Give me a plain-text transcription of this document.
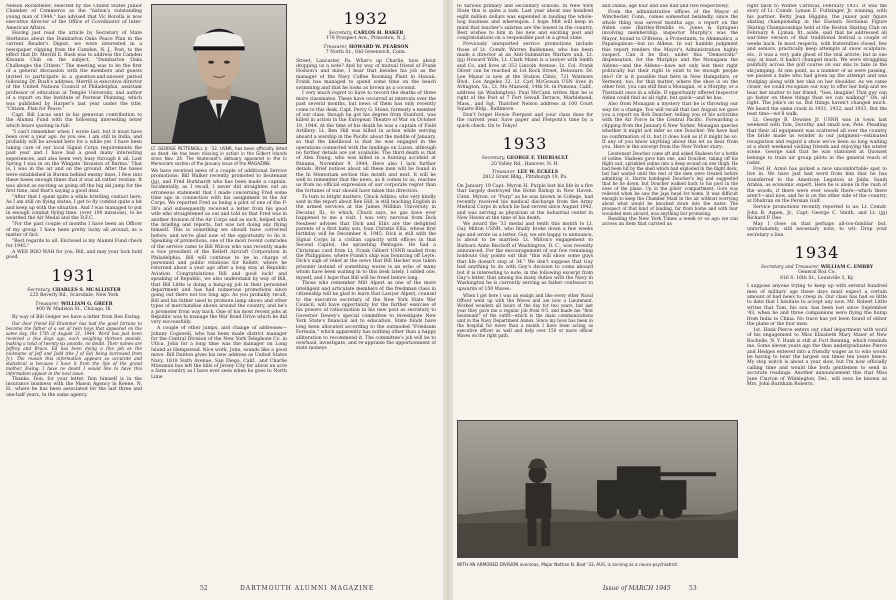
Nelson Rockefeller, selected by the United States Junior Chamber of Commerce as the "nation's outstanding young man of 1944," has advised that Vic Borella is now executive director of the Office of Coordinator of Inter-American Affairs.

Having just read the article by Secretary of State Stettinius about the Dumbarton Oaks Peace Plan in the current Reader's Digest, we were interested in a newspaper clipping from the Camden, N. J., Post, to the effect that Dr. Merrill E. Bush was to address the Camden Kiwanis Club on the subject, "Dumbarton Oaks Challenges the Citizen." The meeting was to be the first of a general discussion with the members and guests invited to participate in a question-and-answer period following Dr. Bush's address. Merrill is executive director of the United Nations Council of Philadelphia, assistant professor of education at Temple University, and author of a report on the Institute of Postwar Planning, which was published by Harper's last year under the title, "Citizen, Plan for Peace."

Capt. Bill Lucas sent in his generous contribution to the Alumni Fund with the following interesting letter which bears quoting in full:

"I can't remember when I wrote last, but it must have been over a year ago. As you see, I am still in India, and probably will be around here for a while yet. I have been taking care of our local Signal Corps requirements the past year and I have had a good many interesting experiences, and also been very busy through it all. Last Spring I was in on the Wingate 'Invasion of Burma.' That is, I was in the air and on the ground. After the bases were established in Burma behind enemy lines, I flew into these bases enough times that it was all rather routine. It was about as exciting as going off the big ski jump for the first time, and that's saying a good deal.

"After that I spent quite a while bristling contact here. As I am still on flying status, I get to fly combat quite a bit and keep up with the situation. And I was managed to put in enough combat flying time, (over 100 missions), to be awarded the Air Medal and the D.F.C.

"For the past couple of months I have been an Officer of my group. I have been pretty lucky all around, as a matter of fact.

"Best regards to all. Enclosed is my Alumni Fund check for 1945."

A WEE BOO WAH for you, Bill, and may your luck hold good.

1931
Secretary, CHARLES S. MCALLISTER
225 Beverly Rd., Scarsdale, New York
Treasurer, WILLIAM G. GREER
400 W. Madison St., Chicago, Ill.

By way of Bill Geiger we have a letter from Ben Ewing:

Our dear friend Ed Brummer has had the good fortune to become the father of a set of twin boys that appeared on the same day, the 17th of August 21, 1944. Word has just been received a few days ago, each weighing thirteen pounds, making a total of twenty-six pounds, no doubt. Their names are Jeffrey and Bruce. Ed has been doing a fine job as the nickname of Jeff and Jedd (the J of Ed) being borrowed from Jr.). The reason this information appears so accurate and statistical is because I have it from the lips of the grand mother, Ewing. I have no doubt I would like to have this information appear in the next issue.

Thanks, Don, for your letter. Don himself is in the insurance business with the Mason Agency in Keene, N. H., where he has been associated for the last three and one-half years, in the same agency.

LT. GEORGE PETTENGILL Jr. '32, USNR, has been officially listed as dead. He has been missing in action in the Gilbert Islands since Nov. 24. The lieutenant's obituary appeared in the In Memoriam section of the January issue of the MAGAZINE.

We have received news of a couple of additional Service promotions: Bill Walker recently promoted to lieutenant (jg), and Fred Burkhardt who has been made a captain. Incidentally, as I recall, I never did straighten out an erroneous statement that I made concerning Fred some time ago in connection with his assignment in the Air Corps. We reported Fred as being a pilot of one of the P-38's and subsequently received a letter from his good wife who straightened us out and told us that Fred was in another division of the Air Corps and as such, helped with the briefing and reports, but was not doing any flying himself. This is something we should have corrected before, and we're glad now of the opportunity to do it. Speaking of promotions, one of the most recent comrades of the service came to Bill Wilcox who was recently made a vice president of the Kellett Aircraft Corporation in Philadelphia. Bill will continue to be in charge of personnel and public relations for Kellett, where he returned about a year ago after a long stay at Republic Aviation. Congratulations Bill and good luck! and speaking of Republic, we also understand by way of Bill, that Bill Little is doing a bang-up job in their personnel department and has had numerous promotions since going out there not too long ago. As you probably recall, Bill and his father used to promote lamp shows and other types of merchandise shows around the country, and he's a promoter from way back. One of his most recent jobs at Republic was to manage the War Bond Drive which he did very successfully.

A couple of other jumps, and change of addresses—Johnny Cogswell, who has been made district manager for the Central Division of the New York Telephone Co. in Utica. John for a long time was the manager on Long Island at Hempstead. Nice work, John, sounds like a good move. Bill Dunton gives his new address as United States Navy, 1818 Sixth Avenue, San Diego, Calif., and Charlie Mussman has left the hills of Jersey City for about an acre a farm country as I have ever seen when he goes to North Lime

1932
Secretary, CARLOS H. BAKER
178 Prospect Ave., Princeton, N. J.
Treasurer, HOWARD W. PEARSON
7 North St., Old Greenwich, Conn.

Street, Lancaster, Pa. What's up Charlie, how about dropping us a note? And by way of mutual friend of Frank Hodson's and mine, I hear that besides his job as the manager of the Navy Coffee Rooming Plant in Hawaii, Frank has managed to spend some time on the beach swimming and that he looks as brown as a coconut.

I very much regret to have to record the deaths of three more classmates. These have occurred at intervals over the past several months, but news of them has only recently come to this desk. Capt. Percy G. Stone, formerly a member of our class, though he got his degree from Stanford, was killed in action in the European Theatre of War on October 19, 1944. At the time of his death he was a captain of Field Artillery. Lt. Ben Hill was killed in action while serving aboard a warship in the Pacific about the middle of January, so that the likelihood is that he was engaged in the operations connected with the landings on Luzon, although no further details are yet available. The third death is that of Alex Young, who was killed in a hunting accident at Panama, November 9, 1944. Here also I lack further details. Brief notices about all these men will be found in the In Memoriam section this month and next. It will be well to remember that the news, as it comes to us, reaches us from no official expression of our corporate regret than the fortunes of war should have taken this direction.

To turn to bright matters, Chuck Adkins, who very kindly sent in the report about Ben Hill, is still teaching English in the armed services at the James Millikin University in Decatur, Ill., to which, Chuck says, no gas have ever happened to me a visit, I was very nervous from Dick Neubeer advises that Dick and Ellis are the delighted parents of a first baby son, Ivan Christie Ellis, whose first birthday will be December 4, 1945. Dick is still with the Signal Corps in a civilian capacity with offices in that Second Capitol, the sprawling Pentagon. He had a Christmas card from Lt. Frank Gilbert USNR mailed from the Philippines, where Frank's ship was bouncing off Leyte. Dick's sigh of relief at the news that Bill Hecker was taken prisoner instead of something worse is an echo of many whom have been waiting in to this desk lately. I added one, myself, and I hope that Bill will be freed before long.

Those who remember Milt Alpert as one of the more intelligent and articulate members of the freshman class in citizenship will be glad to learn that Lawyer Alpert, counsel to the executive secretary of the New York State War Council, will have opportunity for the further exercise of his powers of ratiocination in his new post as secretary to Governor Dewey's special committee to investigate New York State's financial aid to education. State funds have long been allocated according to the outmoded "Friedsam Formula," which apparently has nothing other than a happy alliteration to recommend it. The committee's job will be to overhaul, investigate, and re-appraise the apportionment of state moneys

52	DARTMOUTH ALUMNI MAGAZINE

to various primary and secondary schools. In New York State this is quite a task. Last year about one hundred eight million dollars was expended in lauding the whole-hog business and whereupon. I hope Milt will keep in mind that teacher's salaries are the lowest in the country. Best wishes to him in his new and exciting post and congratulations on a responsible post in a great state.

Previously unreported service promotions include those of Lt. Comdr. Warren Baldonnes, who has been made a director at an Anti-Submarine Warfare unit, Lt. (jg) Howard Wills, Lt. Clark Mann is a lawyer with Smith and Co, and lives at 353 Lincoln Avenue. Lt. Col. Frank Oliver can be reached at 1st Rock Street, Delaware. Dr. Lee Mazur is now at the Station Clinic, 721 Watmore Blvd., Los Angeles 32. Lt. Carl McGowan USN lives in Arlington, Va., Lt. Mo Maxwell, 14th St. in Pomona, Calif., address (in Washington). Paul McCann writes that he is right of the Post at 7 Fort Sewall Terrace, Marblehead, Mass., and Sgt. Thatcher Nelson address at 100 Court Square Bldg., Baltimore.

Don't forget Howie Pierpont and your class dues for the current year. Save paper and Pierpont's time by a quick check. On to Tokyo!

1933
Secretary, GEORGE F. THERIAULT
20 Valley Rd., Hanover, N. H.
Treasurer, LEE W. ECKELS
2812 Grant Bldg., Pittsburgh 19, Pa.

On January 19 Capt. Myron H. Purple lost his life in a fire that largely destroyed the Hotel Bishop in New Haven. Conn. Myron, or "Purp" as he was known in College, had recently received his medical discharge from the Army Medical Corps in which he had served since August 1942, and was serving as physician at the industrial center in New Haven at the time of his death.

We award the '33 medal and tenth this month to Lt. Guy Milton USNR, who finally broke down a few weeks ago and wrote us a letter. Guy, we are happy to announce, is about to be married: Lt. Milton's engagement to Barbara Anne Bischoff of Washington, D. C., was recently announced. For the encouragement of our few remaining holdouts Guy points out that "this will show some guys that life doesn't stop at 34." We don't suppose that Guy had anything to do with Guy's decision to come aboard but it is interesting to note, in the following excerpt from Guy's letter, that among his many duties with the Navy in Washington he is currently serving as father confessor to upwards of 150 Waves:

When I got here I was an ensign and like every other Naval Officer went up with the Waves and am now a Lieutenant. Worked wonders all hours of the day for two years, but last year they gave me a regular job from 8-5, and made me "first lieutenant" of the outfit—which is the main communications unit in the Navy Department Annex. Since my boss has been in the hospital for more than a month I have been acting as executive officer as well and help over 150 or more officer Waves on the right path.

and Diana, age four and one half and two respectively.

From the administrative offices of the Mayor of Winchester, Conn., comes somewhat belatedly, since the whole thing was served months ago, a report on the Alden case (Bartley-Breddis vs. Jones & Sprague) involving membership, inspector Murphy's was the Mayor, bound to O'Briens, a Protestants, to Ahmmatics, a Papalogalous—but no Aldens. In our humble judgment this report renders the Mayor's Administration highly suspect. Can it be that, under this "Democratic" dispensation, for the Murphys and the Monagans the Aldens—and the Aldens—have not only lost their right politically but their right to exist to be enough people into? Or is it possible that here in New Hampshire, or Vermont, too, for that matter, where the shoe is on the other foot, you can still find a Monagan, or a Murphy, or a Theriault once in a while. If opportunity offered Inspector Alden could find us all right, but quick—and he has.

Also from Monagan a mystery that he is throwing our way for a change. You will recall that last August we gave you a report on Bob Doucher, telling you of his activities with the Air Force in the Central Pacific. Forwarding a clipping from the January 6 New Yorker, Monagan queries whether it might not infer so one Doucher. We have had no confirmation of it, but it does look as if it might be so. If any of you know anything about this let us hear from you. Here is the excerpt from the New Yorker story:

Lieutenant Doucher came aft and asked Shaheen for a bottle of iodine. Shaheen gave him one, and Doucher, taking off his flight suit, sprinkled iodine into a deep wound on one thigh. He had been hit by the shell which had exploded in the flight deck, but had waited until the rest of the men were treated before admitting it. Harris bandaged Doucher's leg and suggested that he lie down, but Doucher walked back to his post in the nose of the plane. Up in the pilots' compartment, Gore was relieved when he saw the Japs head for home. It was difficult enough to keep the Chamber Maid in the air without worrying about what would be knocked down into the water. The prospect of that kind of landing, far from home and with four wounded men aboard, was anything but promising.

Reading the New York Times a week or so ago we ran across an item that carried us

WITH AN ARMORED DIVISION overseas, Major Nathan N. Bost '33, AUS, is serving as a neuro-psychiatrist.

right back to Winter Carnival, February 1933. It was the story of Lt. Comdr. Lyman E. Fultzinger, Jr. winning, with his partner, Betty Jean Higgins, the junior pair figure skating championship in the Eastern Sectional Figure Skating Championships held at the Boston Skating Club on February 4. Lyman, fit, aside, said that he addressed all war-time version of that traditional festival a couple of weeks back. In most respects, with fraternities closed, few and seniors, practically keep attempts at snow sculpture, etc., it was a very pale ghost of the real article; but in one way, at least, it hadn't changed much. We were struggling painfully across the golf course on our skis to take in the ski-jumping. At one point, as a number of us were passing, we passed a babe who had given up the attempt and was trudging along with her skis on her shoulder. As we came closer, we could recognize our way to offer her help and we hear her mutter to her friend, "Gee, imagine! That guy can go faster on these things than we can walking!" Oh, all right. The joke's on us. But things haven't changed much. We heard the same crack in 1931, 1932, and 1933. But the next time—we'll walk.

Lt. George B. Downes Jr. USNR was in town last weekend with Tom, Dorothy, and small son, Pete. Pleading that their all equipment was scattered all over the country the bride made us wonder in our judgment—estimated recognition and regard a show we've been so long waiting at a short weekend visiting friends and enjoying the winter scene. George said that he was stationed at Quonset belongs to train air group pilots in the general reach of radar.

Fred H. Arnol has picked a nice uncomfortable spot to live in. We have just had word from him that he has transferred to the American Legation at Jidda, Saudi Arabia, as economic expert. Here he is alone in the rush of the woods, if there were ever woods there—which there aren't—and now, and he is on the other side of the country, at Dhahran on the Persian Gulf.

Service promotions recently reported to us: Lt. Comdr. John B. Aspen, Jr., Capt. George C. Smith, and Lt. (jg) Richard P. Dee.

May I close on that perhaps all-too-familiar but, unfortunately, still necessary note, to wit: Drop your secretary a line.

1934
Secretary and Treasurer, WILLIAM C. EMBRY
General Box Co.
816 S. 16th St., Louisville 3, Ky.

I suppose anyone trying to keep up with several hundred men of military age these days must expect a certain amount of bad news to creep in. Our class has had so little to date that I hesitate to accept any now. Mr. Robert Little writes that Tom, his son, has been lost since September '43, when he and three companions were flying the hump from India to China. No trace has yet been found of either the plane or the four men.

1st. Hank Pierce enters our chief department with word of his engagement to Miss Elizabeth Mary Maier of New Rochelle, N. Y. Hank is still at Fort Benning, which reminds me. Some eleven years ago the then undergraduates Pierce and Hedges entered into a friendly wager as to who would be having to bear the largest son times ten years hence. My stop watch is about a year slow, but I'm now officially calling time and would like both gentlemen to send in accurate readings. Another announcement this that Miss Jane Clayton of Wilmington, Del., will soon be known as Mrs. John Burnham Roberts.

Issue of MARCH 1945	53
